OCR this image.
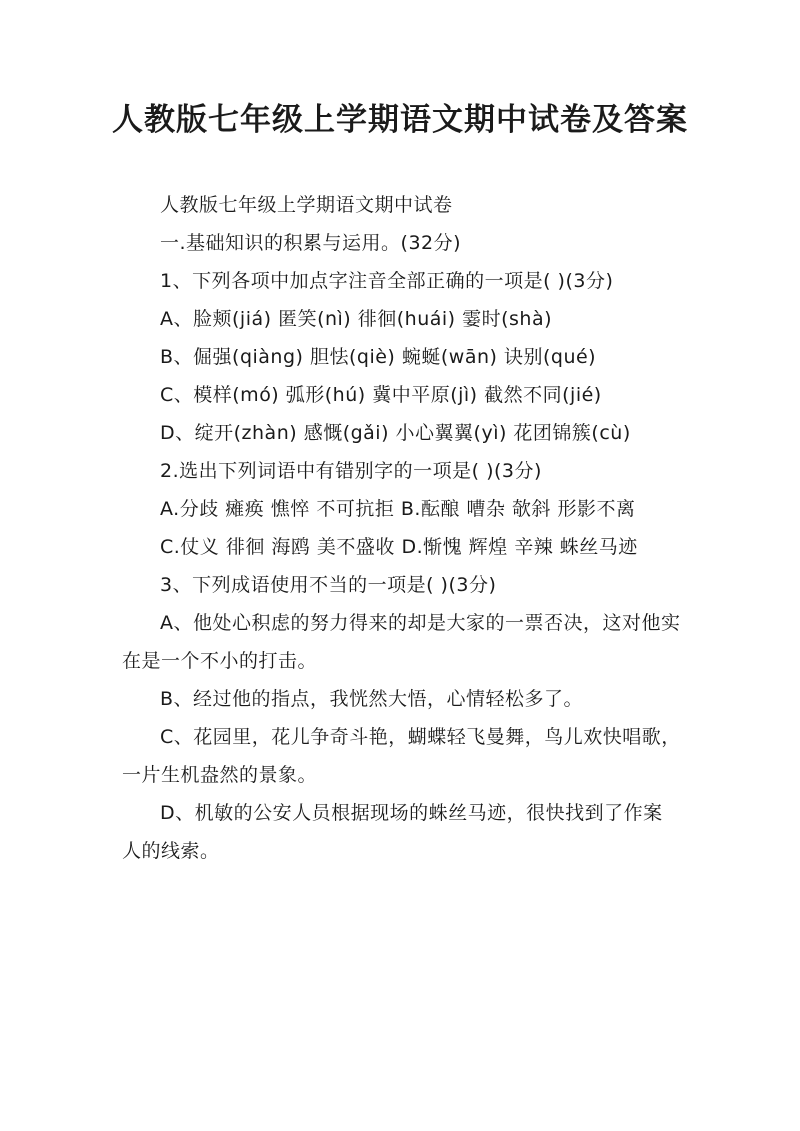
人教版七年级上学期语文期中试卷及答案

人教版七年级上学期语文期中试卷

一.基础知识的积累与运用。(32分)

1、下列各项中加点字注音全部正确的一项是( )(3分)

A、脸颊(jiá) 匿笑(nì) 徘徊(huái) 霎时(shà)

B、倔强(qiàng) 胆怯(qiè) 蜿蜒(wān) 诀别(qué)

C、模样(mó) 弧形(hú) 冀中平原(jì) 截然不同(jié)

D、绽开(zhàn) 感慨(gǎi) 小心翼翼(yì) 花团锦簇(cù)

2.选出下列词语中有错别字的一项是( )(3分)

A.分歧 瘫痪 憔悴 不可抗拒 B.酝酿 嘈杂 欹斜 形影不离

C.仗义 徘徊 海鸥 美不盛收 D.惭愧 辉煌 辛辣 蛛丝马迹

3、下列成语使用不当的一项是( )(3分)

A、他处心积虑的努力得来的却是大家的一票否决，这对他实在是一个不小的打击。

B、经过他的指点，我恍然大悟，心情轻松多了。

C、花园里，花儿争奇斗艳，蝴蝶轻飞曼舞，鸟儿欢快唱歌，一片生机盎然的景象。

D、机敏的公安人员根据现场的蛛丝马迹，很快找到了作案人的线索。
